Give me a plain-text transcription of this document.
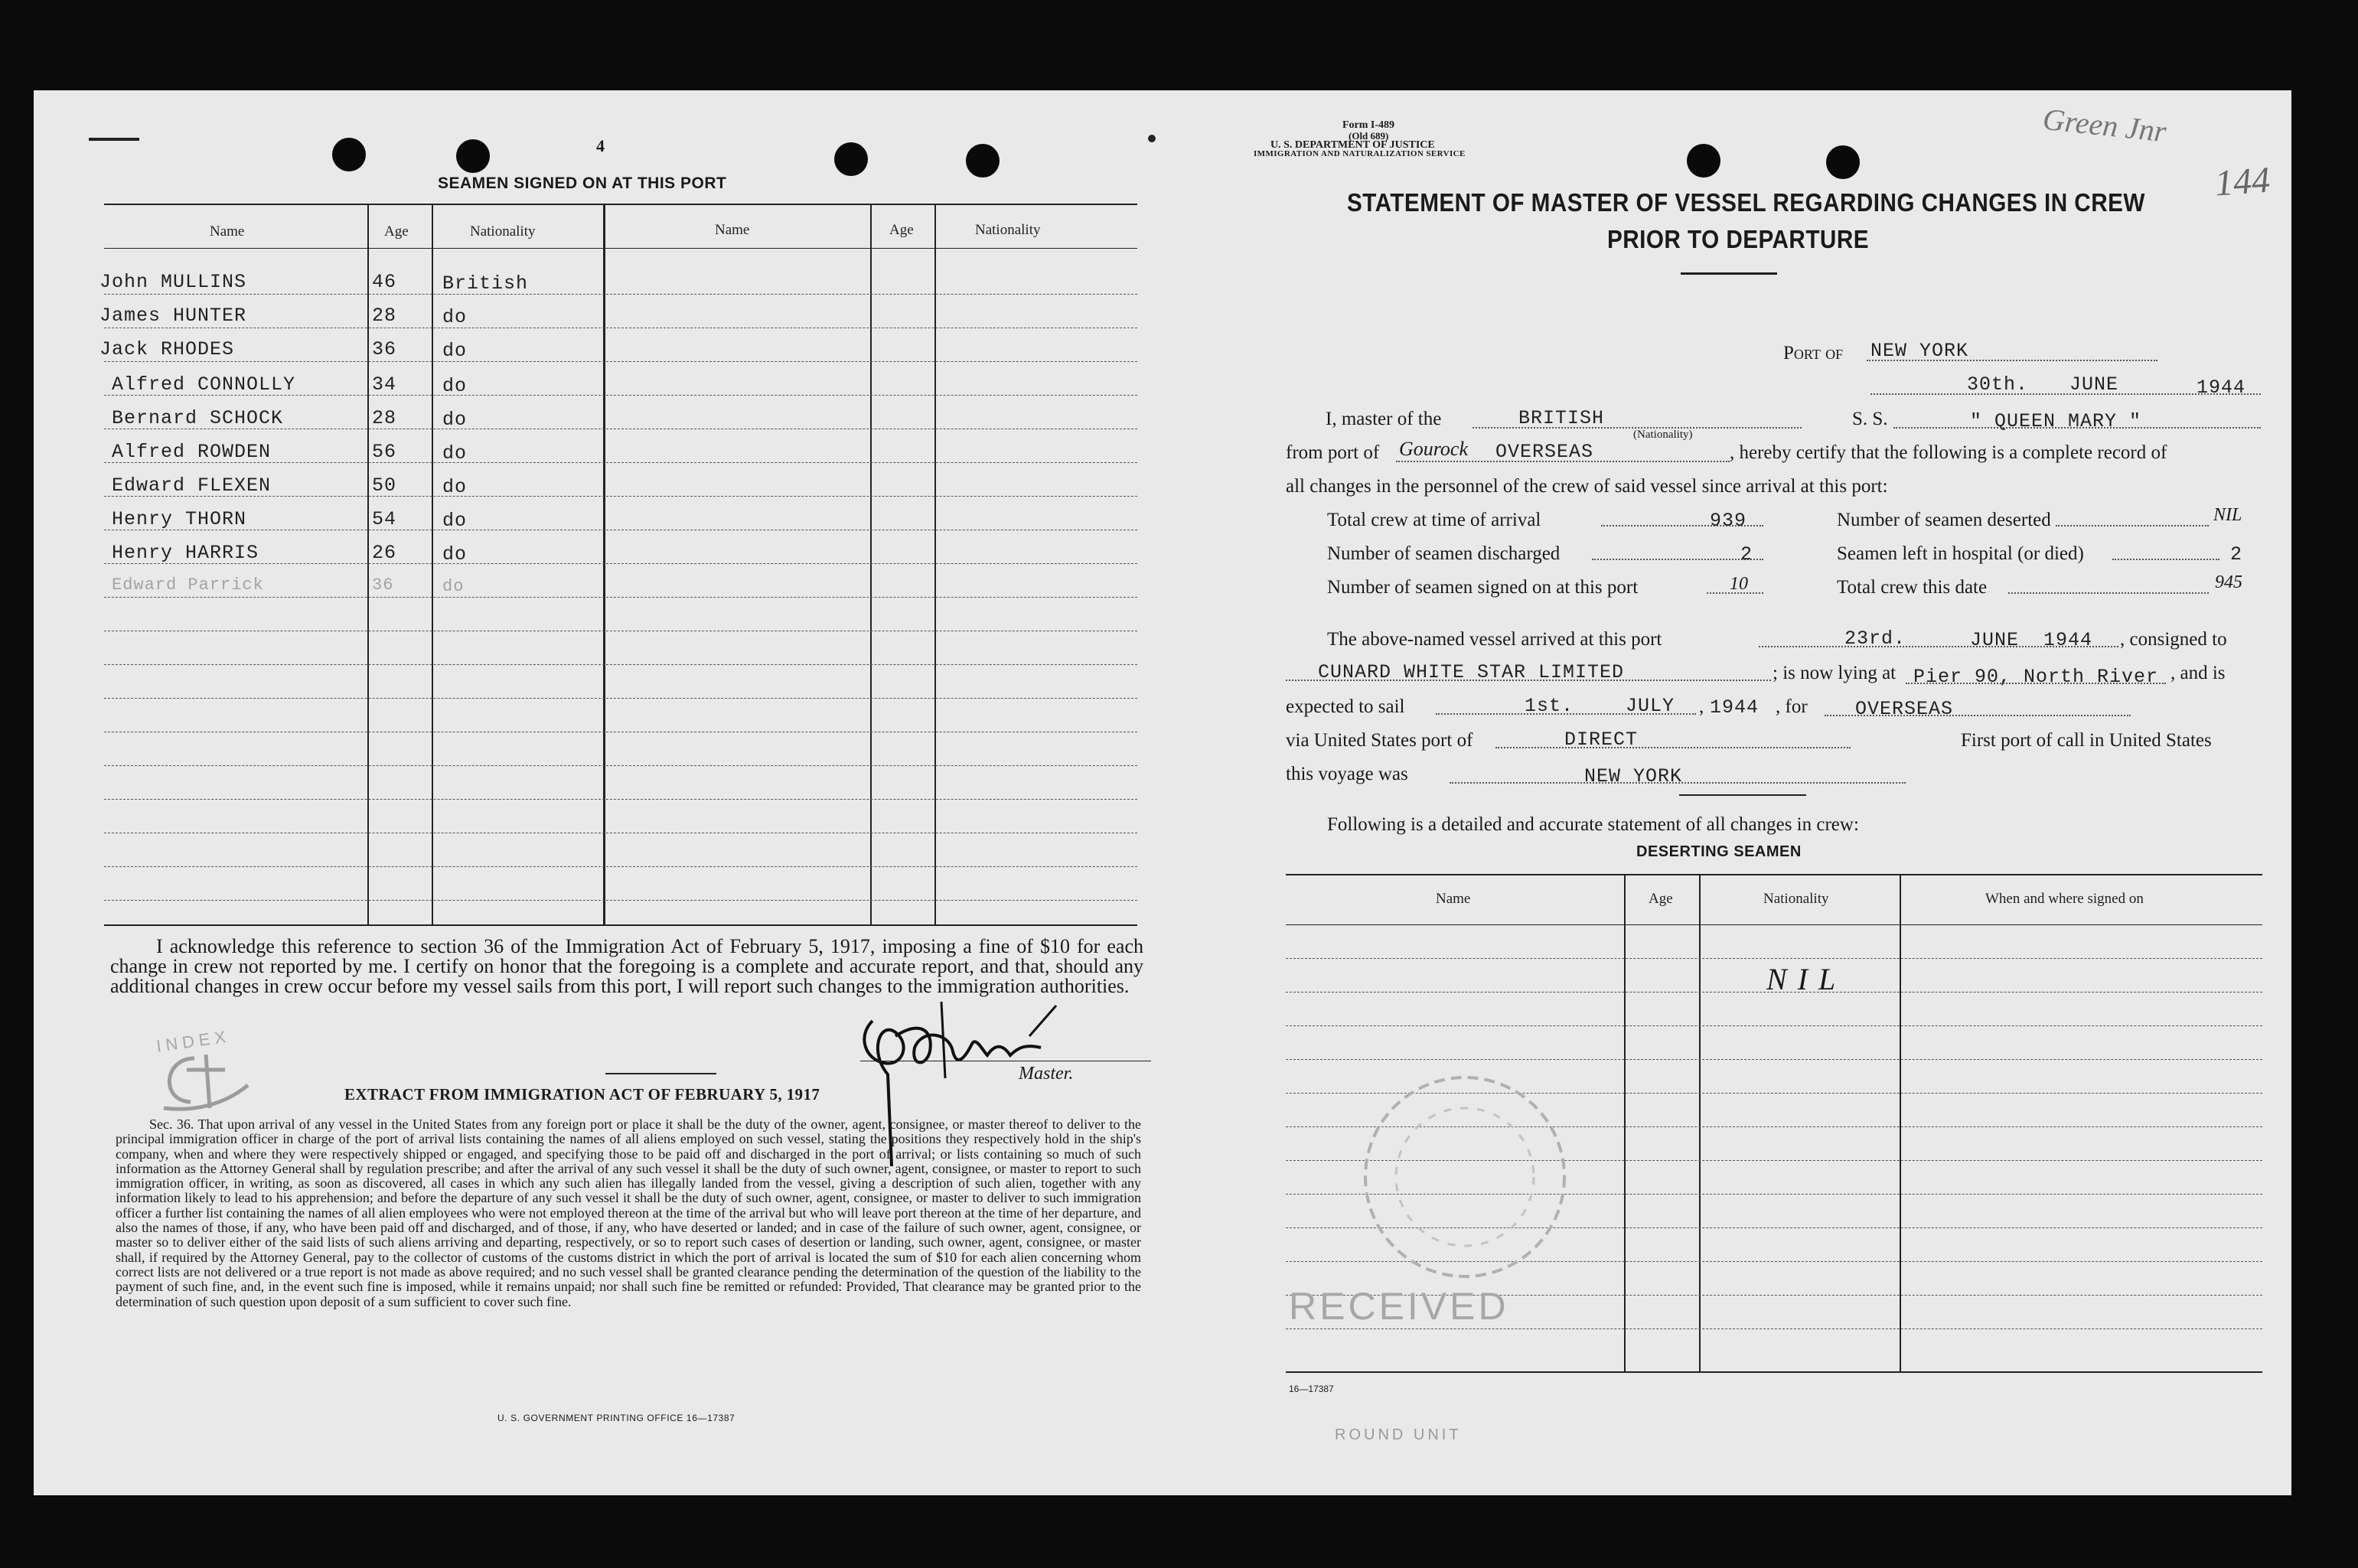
4
SEAMEN SIGNED ON AT THIS PORT
Name	Age	Nationality	Name	Age	Nationality
John MULLINS	46 British
James HUNTER	28 do
Jack RHODES	36 do
Alfred CONNOLLY	34 do
Bernard SCHOCK	28 do
Alfred ROWDEN	56 do
Edward FLEXEN	50 do
Henry THORN	54 do
Henry HARRIS	26 do
Edward Parrick	36	do
I acknowledge this reference to section 36 of the Immigration Act of February 5, 1917, imposing a fine of $10 for each change in crew not reported by me. I certify on honor that the foregoing is a complete and accurate report, and that, should any additional changes in crew occur before my vessel sails from this port, I will report such changes to the immigration authorities.
Master.
INDEX
EXTRACT FROM IMMIGRATION ACT OF FEBRUARY 5, 1917
Sec. 36. That upon arrival of any vessel in the United States from any foreign port or place it shall be the duty of the owner, agent, consignee, or master thereof to deliver to the principal immigration officer in charge of the port of arrival lists containing the names of all aliens employed on such vessel, stating the positions they respectively hold in the ship's company, when and where they were respectively shipped or engaged, and specifying those to be paid off and discharged in the port of arrival; or lists containing so much of such information as the Attorney General shall by regulation prescribe; and after the arrival of any such vessel it shall be the duty of such owner, agent, consignee, or master to report to such immigration officer, in writing, as soon as discovered, all cases in which any such alien has illegally landed from the vessel, giving a description of such alien, together with any information likely to lead to his apprehension; and before the departure of any such vessel it shall be the duty of such owner, agent, consignee, or master to deliver to such immigration officer a further list containing the names of all alien employees who were not employed thereon at the time of the arrival but who will leave port thereon at the time of her departure, and also the names of those, if any, who have been paid off and discharged, and of those, if any, who have deserted or landed; and in case of the failure of such owner, agent, consignee, or master so to deliver either of the said lists of such aliens arriving and departing, respectively, or so to report such cases of desertion or landing, such owner, agent, consignee, or master shall, if required by the Attorney General, pay to the collector of customs of the customs district in which the port of arrival is located the sum of $10 for each alien concerning whom correct lists are not delivered or a true report is not made as above required; and no such vessel shall be granted clearance pending the determination of the question of the liability to the payment of such fine, and, in the event such fine is imposed, while it remains unpaid; nor shall such fine be remitted or refunded: Provided, That clearance may be granted prior to the determination of such question upon deposit of a sum sufficient to cover such fine.
U. S. GOVERNMENT PRINTING OFFICE 16—17387
Form I-489
(Old 689)
U. S. DEPARTMENT OF JUSTICE
IMMIGRATION AND NATURALIZATION SERVICE
Green Jnr
144
STATEMENT OF MASTER OF VESSEL REGARDING CHANGES IN CREW
PRIOR TO DEPARTURE
Port of NEW YORK
30th. JUNE	1944
I, master of the	BRITISH
(Nationality)
S. S.	" QUEEN MARY "
from port of Gourock OVERSEAS	, hereby certify that the following is a complete record of
all changes in the personnel of the crew of said vessel since arrival at this port:
Total crew at time of arrival	939	Number of seamen deserted	NIL
Number of seamen discharged	2	Seamen left in hospital (or died)	2
Number of seamen signed on at this port	10	Total crew this date	945
The above-named vessel arrived at this port	23rd.	JUNE 1944 , consigned to
CUNARD WHITE STAR LIMITED	; is now lying at Pier 90, North River , and is
expected to sail	1st.	JULY , 1944 , for OVERSEAS
via United States port of	DIRECT	First port of call in United States
this voyage was	NEW YORK
Following is a detailed and accurate statement of all changes in crew:
DESERTING SEAMEN
Name	Age	Nationality	When and where signed on
NIL
RECEIVED
ROUND UNIT
16—17387
